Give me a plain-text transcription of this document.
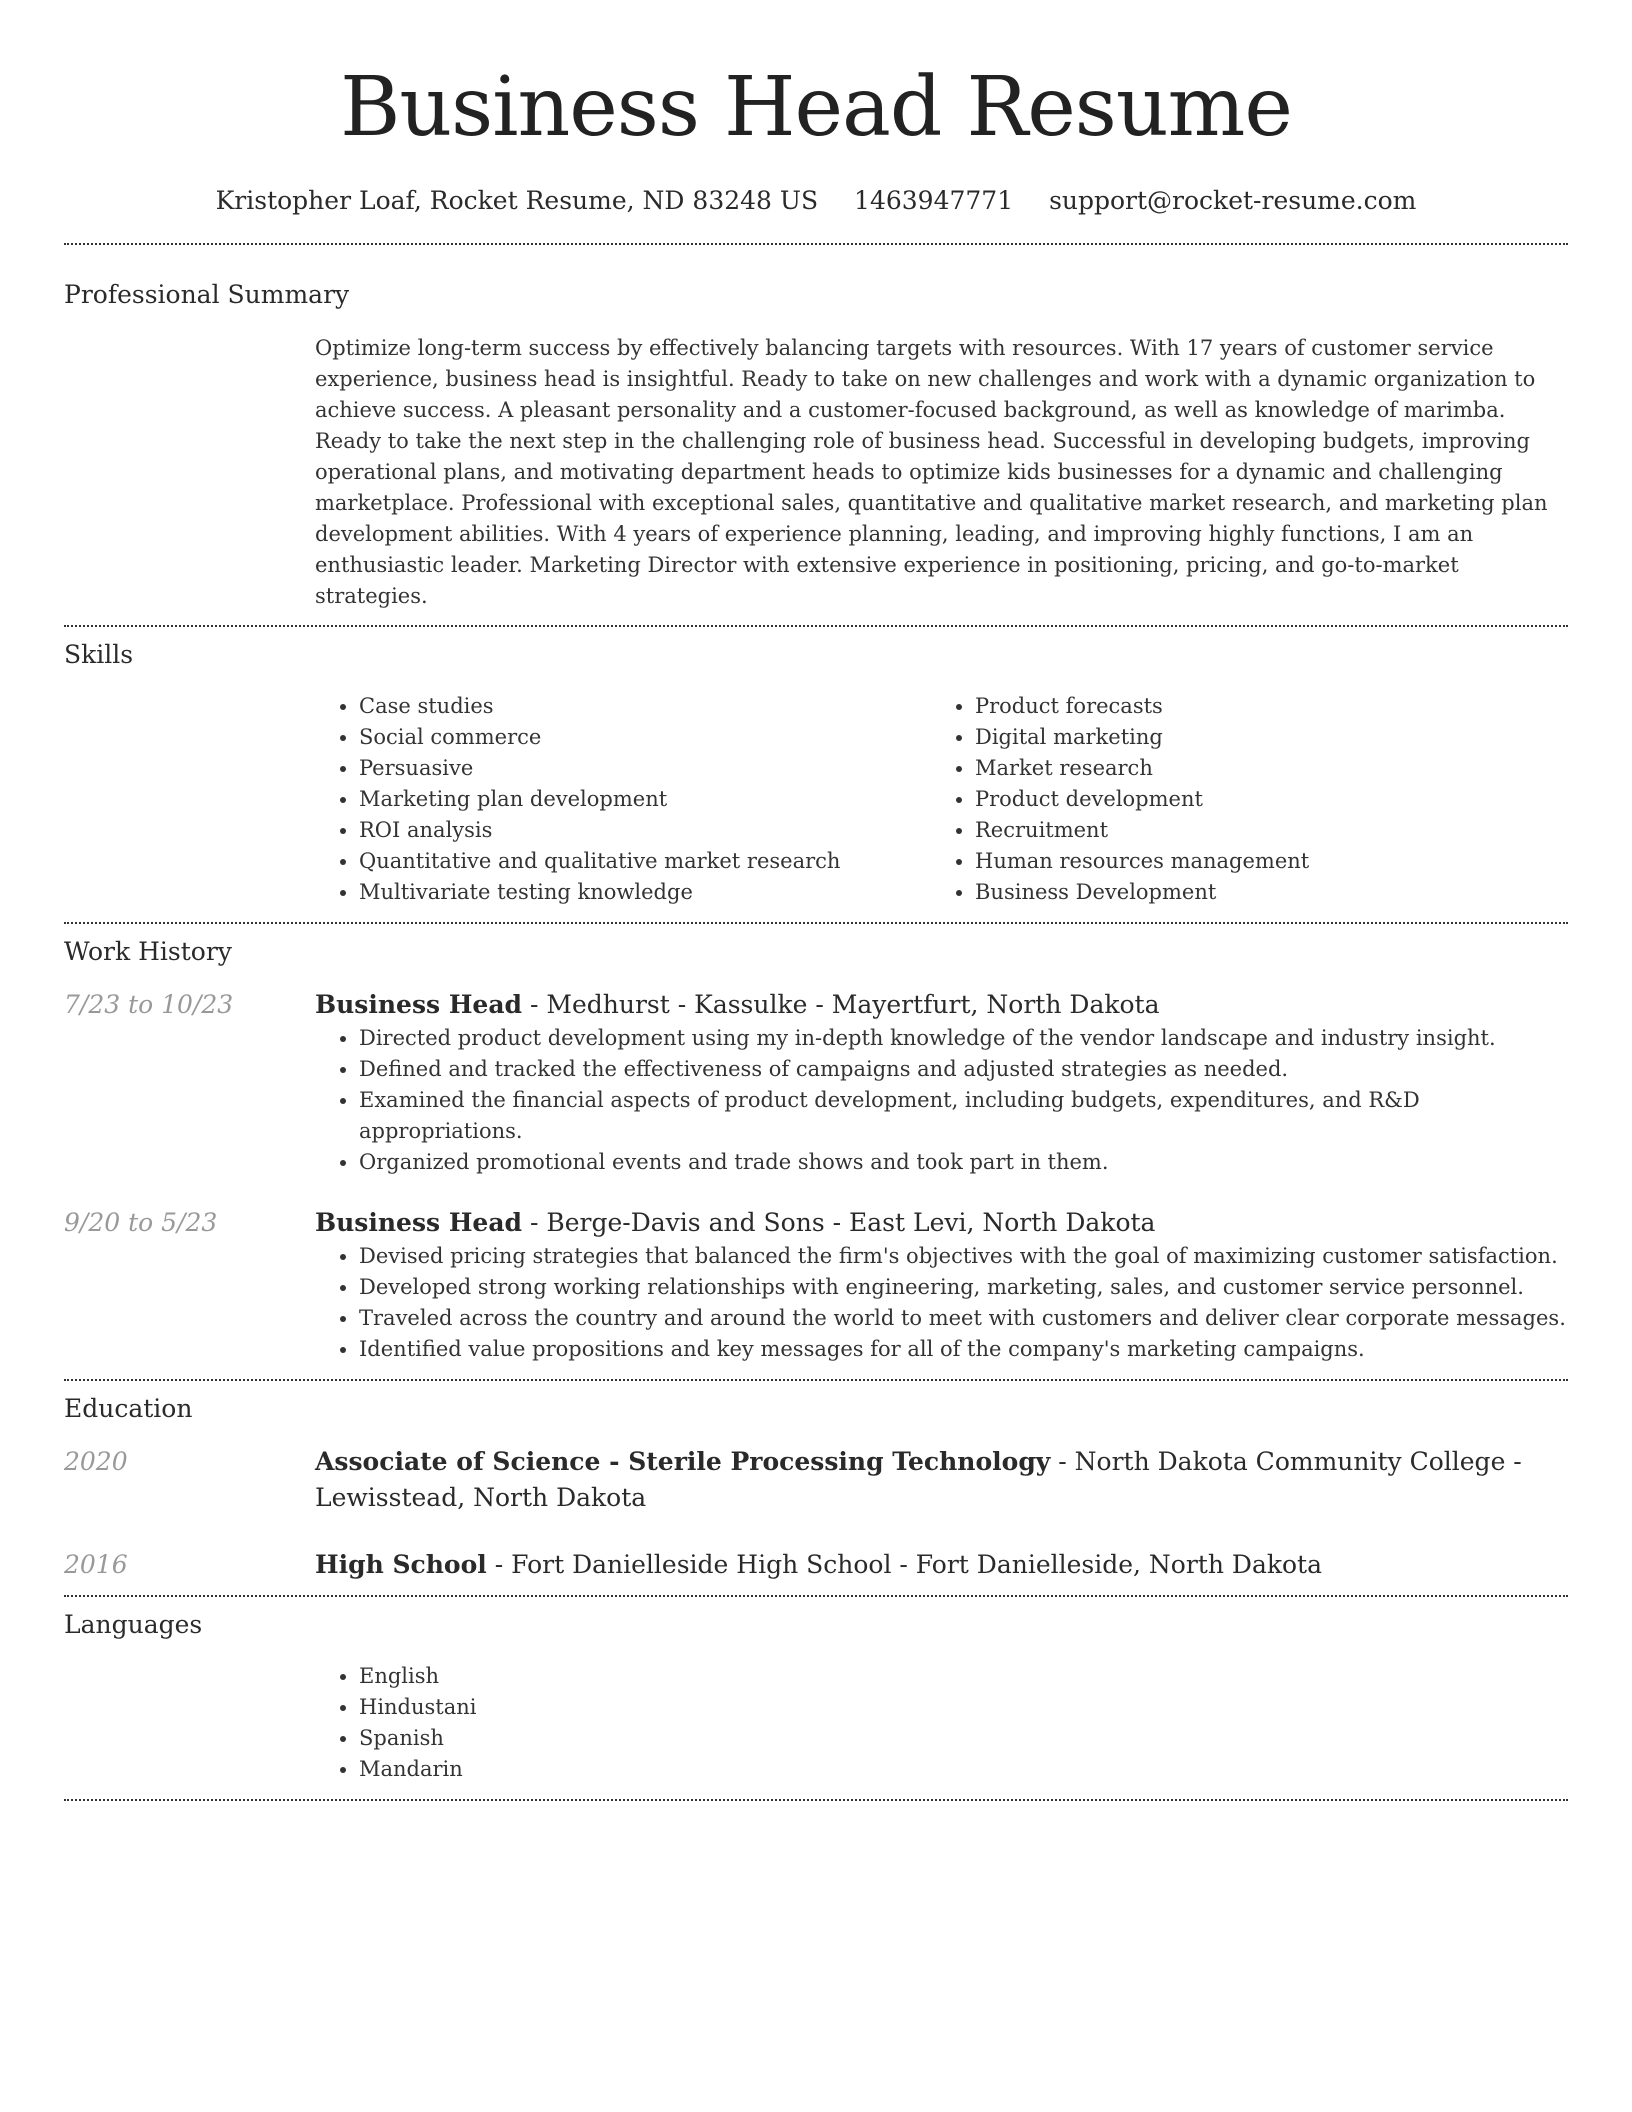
Business Head Resume
Kristopher Loaf, Rocket Resume, ND 83248 US 1463947771 support@rocket-resume.com
Professional Summary

Optimize long-term success by effectively balancing targets with resources. With 17 years of customer service experience, business head is insightful. Ready to take on new challenges and work with a dynamic organization to achieve success. A pleasant personality and a customer-focused background, as well as knowledge of marimba. Ready to take the next step in the challenging role of business head. Successful in developing budgets, improving operational plans, and motivating department heads to optimize kids businesses for a dynamic and challenging marketplace. Professional with exceptional sales, quantitative and qualitative market research, and marketing plan development abilities. With 4 years of experience planning, leading, and improving highly functions, I am an enthusiastic leader. Marketing Director with extensive experience in positioning, pricing, and go-to-market strategies.

Skills
• Case studies
• Social commerce
• Persuasive
• Marketing plan development
• ROI analysis
• Quantitative and qualitative market research
• Multivariate testing knowledge
• Product forecasts
• Digital marketing
• Market research
• Product development
• Recruitment
• Human resources management
• Business Development
Work History
7/23 to 10/23	Business Head - Medhurst - Kassulke - Mayertfurt, North Dakota
• Directed product development using my in-depth knowledge of the vendor landscape and industry insight.
• Defined and tracked the effectiveness of campaigns and adjusted strategies as needed.
• Examined the financial aspects of product development, including budgets, expenditures, and R&D appropriations.
• Organized promotional events and trade shows and took part in them.
9/20 to 5/23	Business Head - Berge-Davis and Sons - East Levi, North Dakota
• Devised pricing strategies that balanced the firm's objectives with the goal of maximizing customer satisfaction.
• Developed strong working relationships with engineering, marketing, sales, and customer service personnel.
• Traveled across the country and around the world to meet with customers and deliver clear corporate messages.
• Identified value propositions and key messages for all of the company's marketing campaigns.
Education
2020	Associate of Science - Sterile Processing Technology - North Dakota Community College - Lewisstead, North Dakota
2016	High School - Fort Danielleside High School - Fort Danielleside, North Dakota
Languages
• English
• Hindustani
• Spanish
• Mandarin
